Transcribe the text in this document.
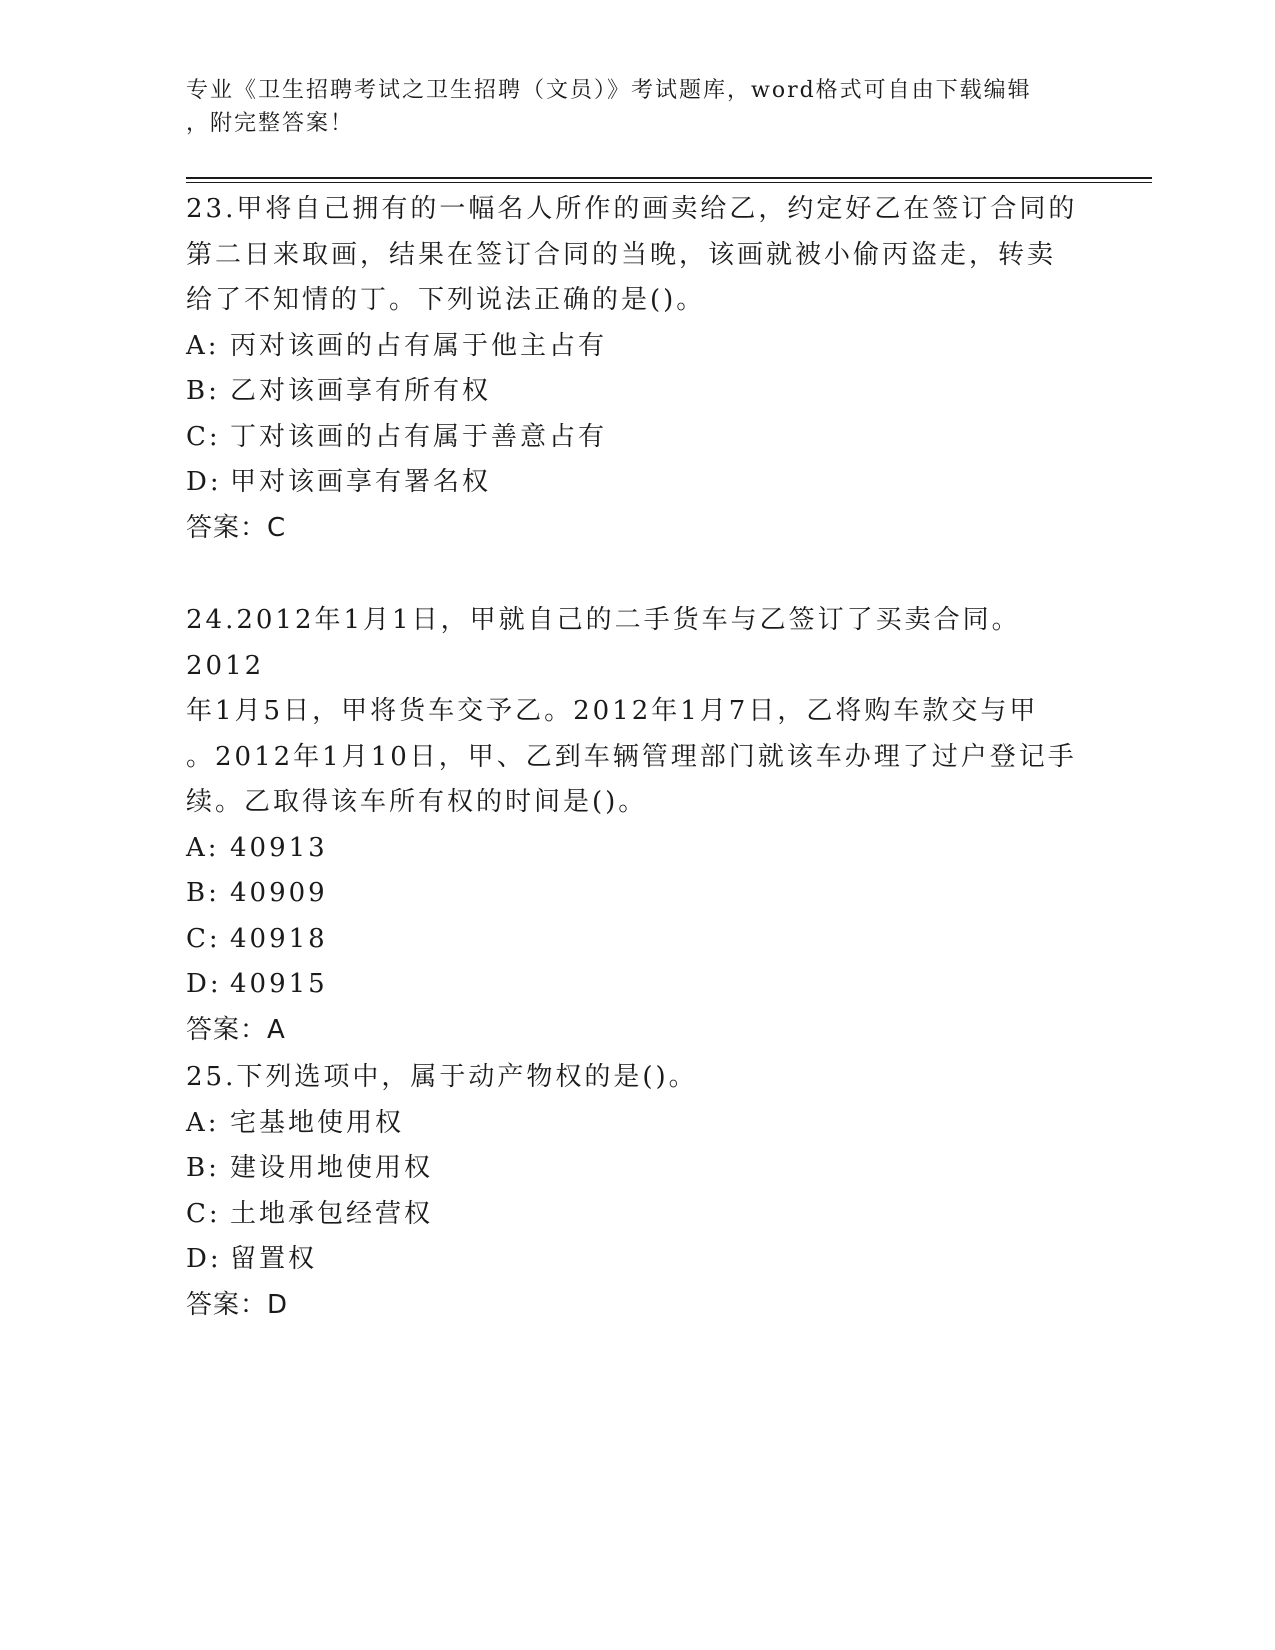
专业《卫生招聘考试之卫生招聘（文员）》考试题库，word格式可自由下载编辑
，附完整答案！

23.甲将自己拥有的一幅名人所作的画卖给乙，约定好乙在签订合同的

第二日来取画，结果在签订合同的当晚，该画就被小偷丙盗走，转卖

给了不知情的丁。下列说法正确的是()。

A: 丙对该画的占有属于他主占有

B: 乙对该画享有所有权

C: 丁对该画的占有属于善意占有

D: 甲对该画享有署名权

答案：C

24.2012年1月1日，甲就自己的二手货车与乙签订了买卖合同。2012

年1月5日，甲将货车交予乙。2012年1月7日，乙将购车款交与甲

。2012年1月10日，甲、乙到车辆管理部门就该车办理了过户登记手

续。乙取得该车所有权的时间是()。

A: 40913

B: 40909

C: 40918

D: 40915

答案：A

25.下列选项中，属于动产物权的是()。

A: 宅基地使用权

B: 建设用地使用权

C: 土地承包经营权

D: 留置权

答案：D
